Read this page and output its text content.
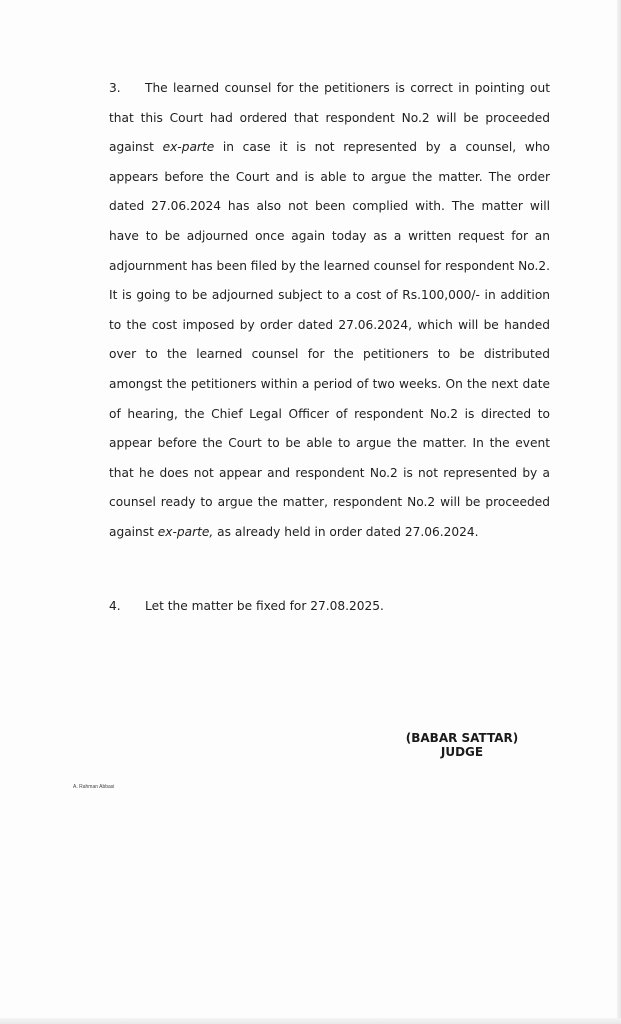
3. The learned counsel for the petitioners is correct in pointing out that this Court had ordered that respondent No.2 will be proceeded against ex-parte in case it is not represented by a counsel, who appears before the Court and is able to argue the matter. The order dated 27.06.2024 has also not been complied with. The matter will have to be adjourned once again today as a written request for an adjournment has been filed by the learned counsel for respondent No.2. It is going to be adjourned subject to a cost of Rs.100,000/- in addition to the cost imposed by order dated 27.06.2024, which will be handed over to the learned counsel for the petitioners to be distributed amongst the petitioners within a period of two weeks. On the next date of hearing, the Chief Legal Officer of respondent No.2 is directed to appear before the Court to be able to argue the matter. In the event that he does not appear and respondent No.2 is not represented by a counsel ready to argue the matter, respondent No.2 will be proceeded against ex-parte, as already held in order dated 27.06.2024.

4. Let the matter be fixed for 27.08.2025.

(BABAR SATTAR)
JUDGE
A. Rahman Abbasi
